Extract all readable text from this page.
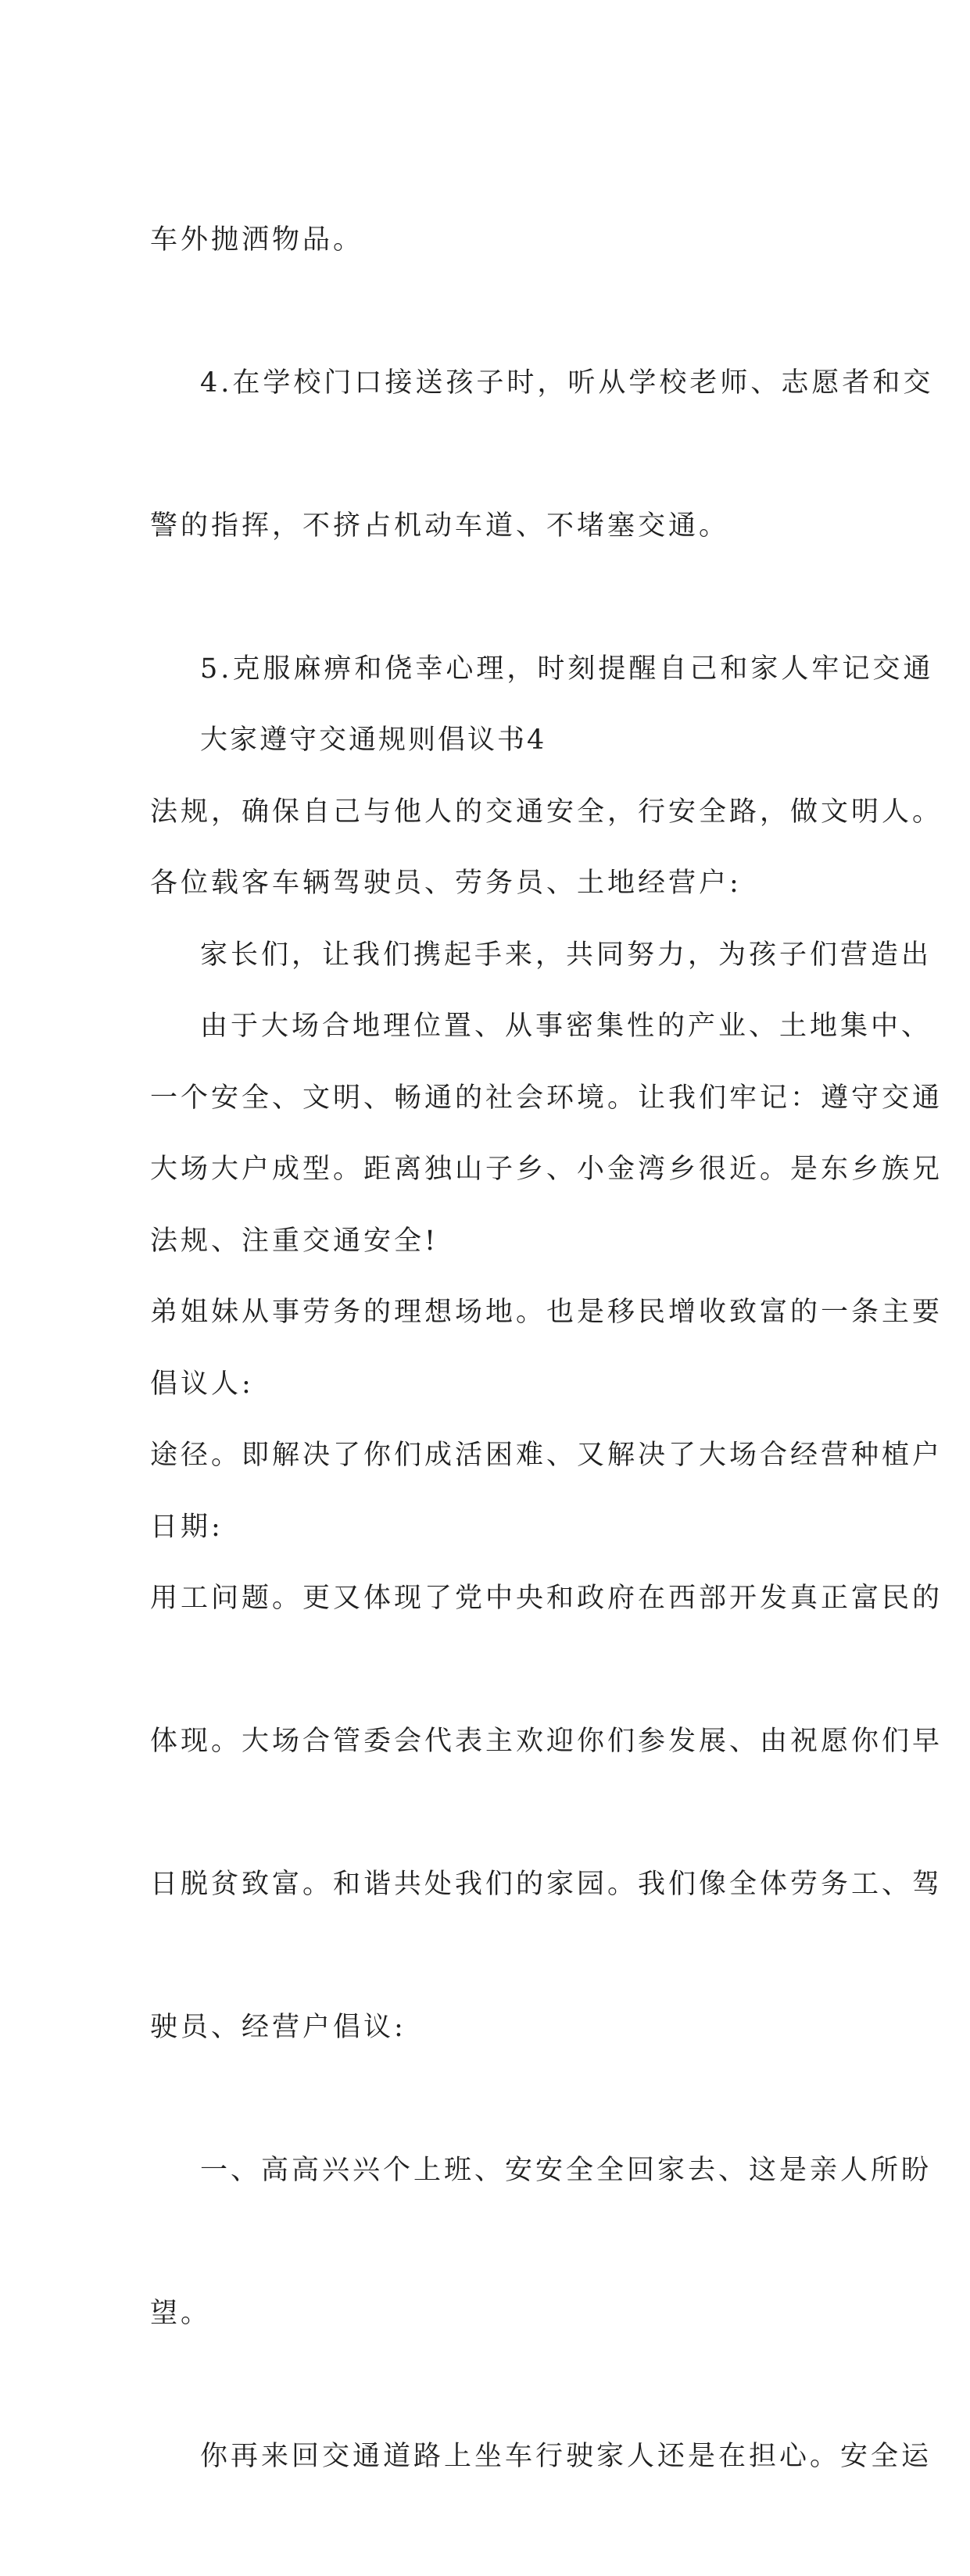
车外抛洒物品。

4.在学校门口接送孩子时，听从学校老师、志愿者和交

警的指挥，不挤占机动车道、不堵塞交通。

5.克服麻痹和侥幸心理，时刻提醒自己和家人牢记交通

法规，确保自己与他人的交通安全，行安全路，做文明人。

家长们，让我们携起手来，共同努力，为孩子们营造出

一个安全、文明、畅通的社会环境。让我们牢记：遵守交通

法规、注重交通安全!

倡议人:

日期:

大家遵守交通规则倡议书4

各位载客车辆驾驶员、劳务员、土地经营户:

由于大场合地理位置、从事密集性的产业、土地集中、

大场大户成型。距离独山子乡、小金湾乡很近。是东乡族兄

弟姐妹从事劳务的理想场地。也是移民增收致富的一条主要

途径。即解决了你们成活困难、又解决了大场合经营种植户

用工问题。更又体现了党中央和政府在西部开发真正富民的

体现。大场合管委会代表主欢迎你们参发展、由祝愿你们早

日脱贫致富。和谐共处我们的家园。我们像全体劳务工、驾

驶员、经营户倡议:

一、高高兴兴个上班、安安全全回家去、这是亲人所盼

望。

你再来回交通道路上坐车行驶家人还是在担心。安全运
